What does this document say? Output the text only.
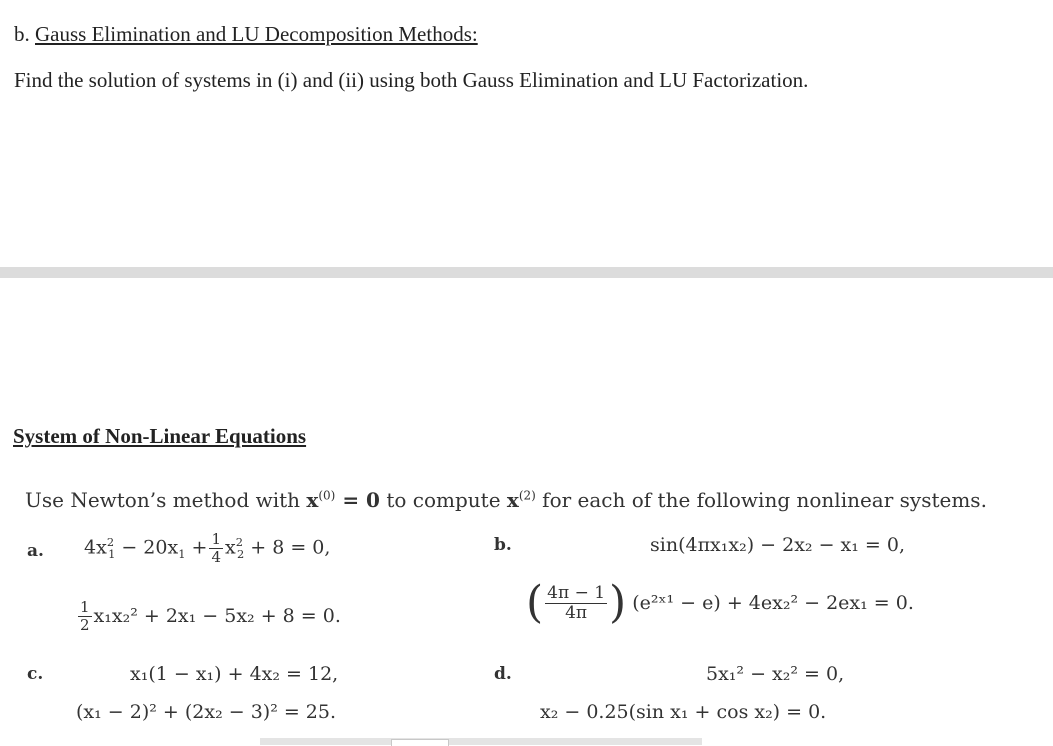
b. Gauss Elimination and LU Decomposition Methods:
Find the solution of systems in (i) and (ii) using both Gauss Elimination and LU Factorization.
System of Non-Linear Equations
Use Newton’s method with $x^{(0)} = 0$ to compute $x^{(2)}$ for each of the following nonlinear systems.
a. $4x^2_1 - 20x_1 + \frac{1}{4} x^2_2 + 8 = 0$,
$\frac{1}{2} x_1x_2^2 + 2x_1 - 5x_2 + 8 = 0$.
b.	sin(4πx₁x₂) − 2x₂ − x₁ = 0,
( $\frac{4\pi - 1}{4\pi}$ ) (e²ˣ¹ − e) + 4ex₂² − 2ex₁ = 0.
c.	x₁(1 − x₁) + 4x₂ = 12,
(x₁ − 2)² + (2x₂ − 3)² = 25.
d.	5x₁² − x₂² = 0,
x₂ − 0.25(sin x₁ + cos x₂) = 0.
